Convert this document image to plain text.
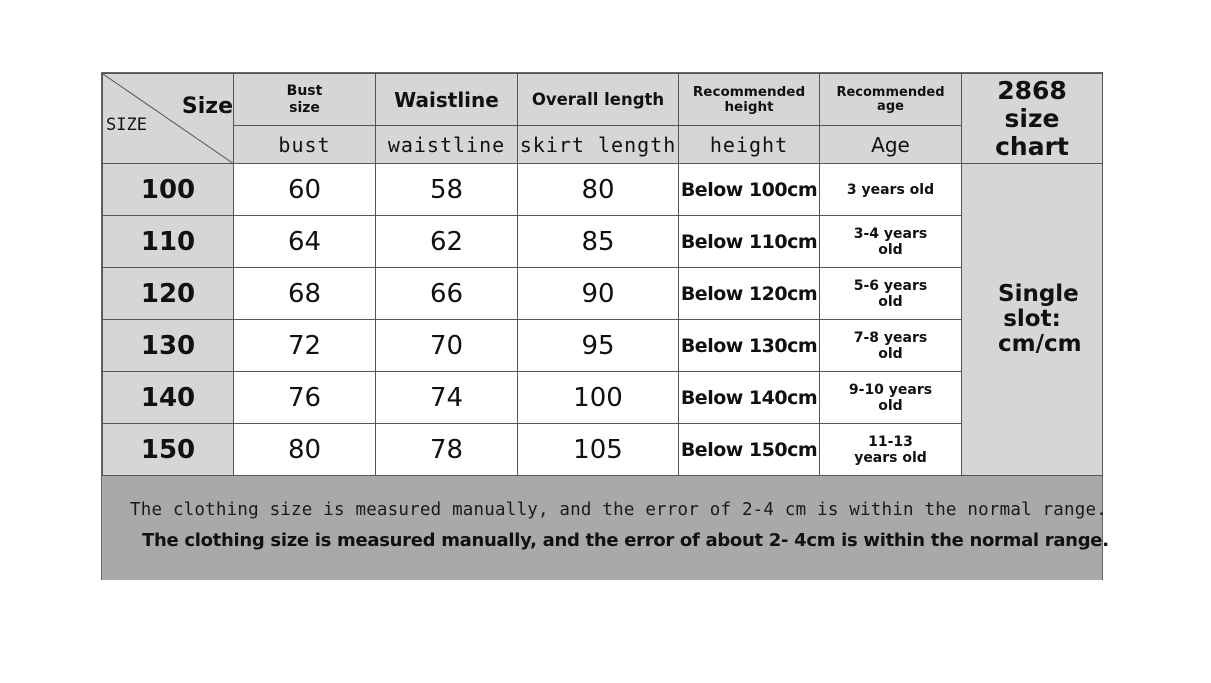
Size
SIZE	Bust size	Waistline	Overall length	Recommended height	Recommended age	2868 size chart
	bust	waistline	skirt length	height	Age	
100	60	58	80	Below 100cm	3 years old	Single slot: cm/cm
110	64	62	85	Below 110cm	3-4 years old	
120	68	66	90	Below 120cm	5-6 years old	
130	72	70	95	Below 130cm	7-8 years old	
140	76	74	100	Below 140cm	9-10 years old	
150	80	78	105	Below 150cm	11-13 years old	
The clothing size is measured manually, and the error of 2-4 cm is within the normal range.
The clothing size is measured manually, and the error of about 2- 4cm is within the normal range.
